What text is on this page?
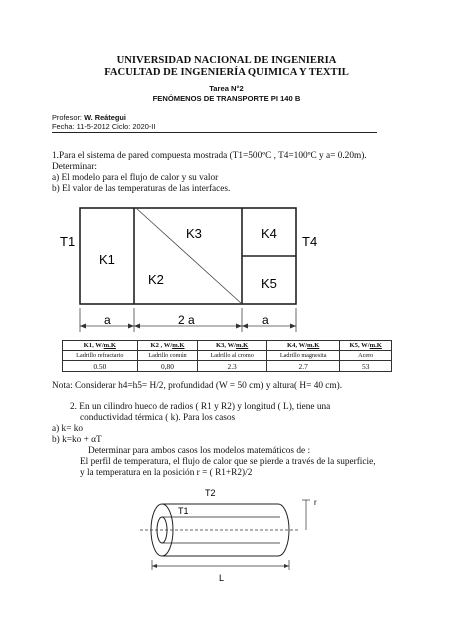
UNIVERSIDAD NACIONAL DE INGENIERIA
FACULTAD DE INGENIERÍA QUIMICA Y TEXTIL
Tarea N°2
FENÓMENOS DE TRANSPORTE PI 140 B
Profesor: W. Reátegui
Fecha: 11-5-2012 Ciclo: 2020-II
1.Para el sistema de pared compuesta mostrada (T1=500ºC , T4=100ºC y a= 0.20m).
Determinar:
a) El modelo para el flujo de calor y su valor
b) El valor de las temperaturas de las interfaces.
T1	T4
K1
K2
K3	K4
K5
a	2 a	a
K1, W/m.K	K2 , W/m.K	K3, W/m.K	K4, W/m.K	K5, W/m.K
Ladrillo refractario	Ladrillo común	Ladrillo al cromo	Ladrillo magnesita	Acero
0.50	0,80	2.3	2.7	53
Nota: Considerar h4=h5= H/2, profundidad (W = 50 cm) y altura( H= 40 cm).
2. En un cilindro hueco de radios ( R1 y R2) y longitud ( L), tiene una
conductividad térmica ( k). Para los casos
a) k= ko
b) k=ko + αT
Determinar para ambos casos los modelos matemáticos de :
El perfil de temperatura, el flujo de calor que se pierde a través de la superficie,
y la temperatura en la posición r = ( R1+R2)/2
T2
T1
r
L
